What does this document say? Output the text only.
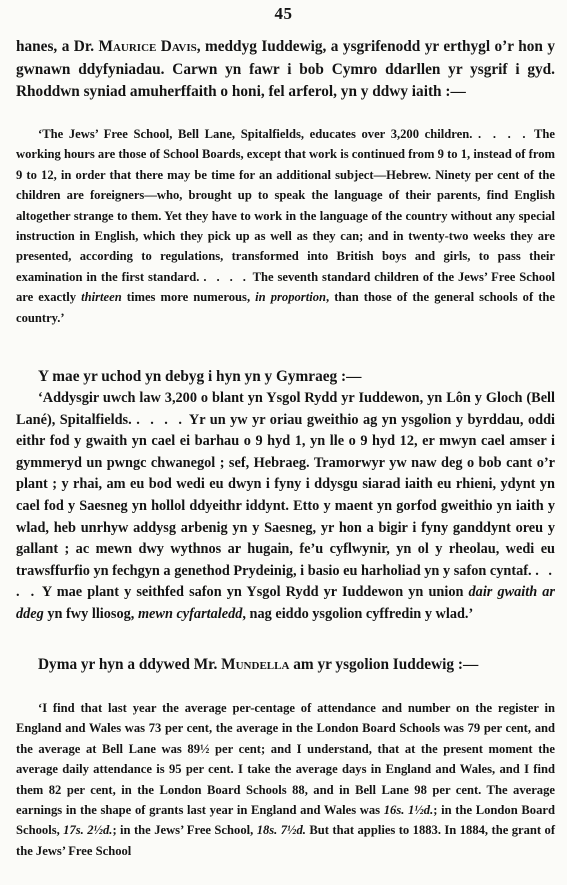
45

hanes, a Dr. Maurice Davis, meddyg Iuddewig, a ysgrifenodd yr erthygl o’r hon y gwnawn ddyfyniadau. Carwn yn fawr i bob Cymro ddarllen yr ysgrif i gyd. Rhoddwn syniad amuherffaith o honi, fel arferol, yn y ddwy iaith :—

‘The Jews’ Free School, Bell Lane, Spitalfields, educates over 3,200 children. . . . . The working hours are those of School Boards, except that work is continued from 9 to 1, instead of from 9 to 12, in order that there may be time for an additional subject—Hebrew. Ninety per cent of the children are foreigners—who, brought up to speak the language of their parents, find English altogether strange to them. Yet they have to work in the language of the country without any special instruction in English, which they pick up as well as they can; and in twenty-two weeks they are presented, according to regulations, transformed into British boys and girls, to pass their examination in the first standard. . . . . The seventh standard children of the Jews’ Free School are exactly thirteen times more numerous, in proportion, than those of the general schools of the country.’

Y mae yr uchod yn debyg i hyn yn y Gymraeg :—

‘Addysgir uwch law 3,200 o blant yn Ysgol Rydd yr Iuddewon, yn Lôn y Gloch (Bell Lané), Spitalfields. . . . . Yr un yw yr oriau gweithio ag yn ysgolion y byrddau, oddi eithr fod y gwaith yn cael ei barhau o 9 hyd 1, yn lle o 9 hyd 12, er mwyn cael amser i gymmeryd un pwngc chwanegol ; sef, Hebraeg. Tramorwyr yw naw deg o bob cant o’r plant ; y rhai, am eu bod wedi eu dwyn i fyny i ddysgu siarad iaith eu rhieni, ydynt yn cael fod y Saesneg yn hollol ddyeithr iddynt. Etto y maent yn gorfod gweithio yn iaith y wlad, heb unrhyw addysg arbenig yn y Saesneg, yr hon a bigir i fyny ganddynt oreu y gallant ; ac mewn dwy wythnos ar hugain, fe’u cyflwynir, yn ol y rheolau, wedi eu trawsffurfio yn fechgyn a genethod Prydeinig, i basio eu harholiad yn y safon cyntaf. . . . . Y mae plant y seithfed safon yn Ysgol Rydd yr Iuddewon yn union dair gwaith ar ddeg yn fwy lliosog, mewn cyfartaledd, nag eiddo ysgolion cyffredin y wlad.’

Dyma yr hyn a ddywed Mr. Mundella am yr ysgolion Iuddewig :—

‘I find that last year the average per-centage of attendance and number on the register in England and Wales was 73 per cent, the average in the London Board Schools was 79 per cent, and the average at Bell Lane was 89½ per cent; and I understand, that at the present moment the average daily attendance is 95 per cent. I take the average days in England and Wales, and I find them 82 per cent, in the London Board Schools 88, and in Bell Lane 98 per cent. The average earnings in the shape of grants last year in England and Wales was 16s. 1½d.; in the London Board Schools, 17s. 2½d.; in the Jews’ Free School, 18s. 7½d. But that applies to 1883. In 1884, the grant of the Jews’ Free School
